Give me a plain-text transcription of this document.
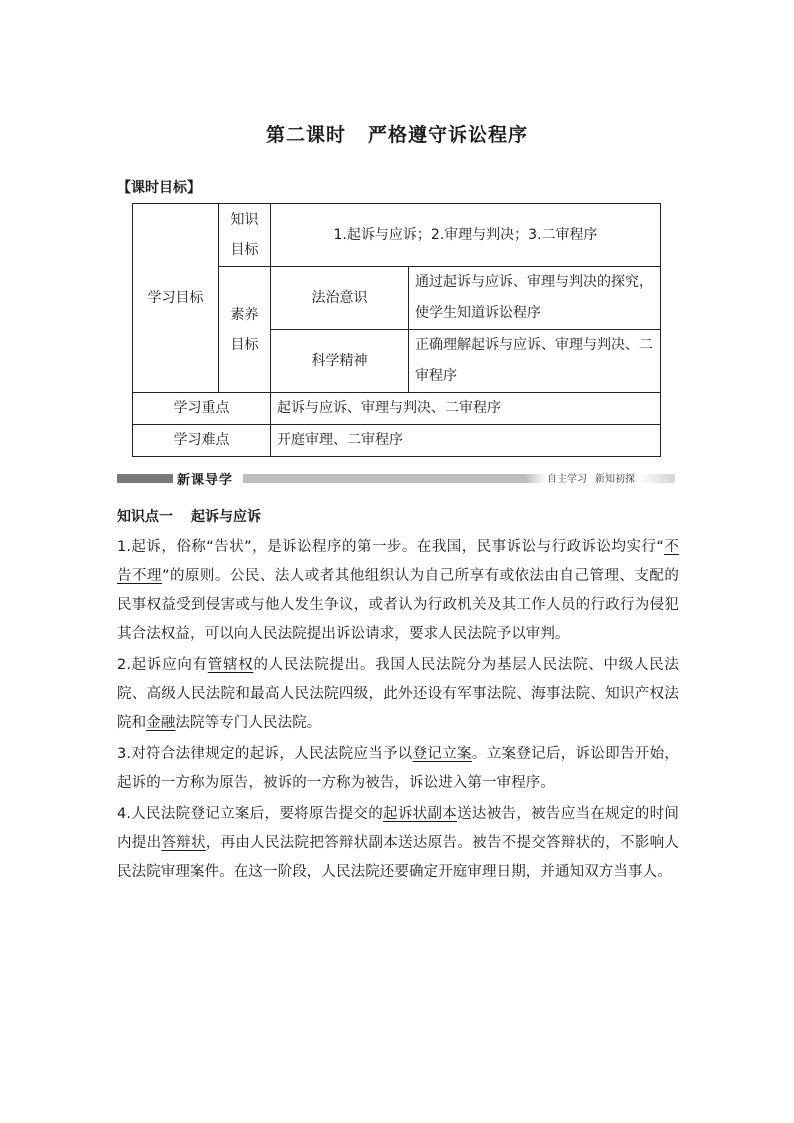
第二课时 严格遵守诉讼程序
【课时目标】
学习目标	知识目标	1.起诉与应诉；2.审理与判决；3.二审程序	

	素养目标	法治意识	通过起诉与应诉、审理与判决的探究，使学生知道诉讼程序
		科学精神	正确理解起诉与应诉、审理与判决、二审程序
学习重点		起诉与应诉、审理与判决、二审程序	
学习难点		开庭审理、二审程序	
新课导学	自主学习 新知初探
知识点一 起诉与应诉

1.起诉，俗称“告状”，是诉讼程序的第一步。在我国，民事诉讼与行政诉讼均实行“不告不理”的原则。公民、法人或者其他组织认为自己所享有或依法由自己管理、支配的民事权益受到侵害或与他人发生争议，或者认为行政机关及其工作人员的行政行为侵犯其合法权益，可以向人民法院提出诉讼请求，要求人民法院予以审判。

2.起诉应向有管辖权的人民法院提出。我国人民法院分为基层人民法院、中级人民法院、高级人民法院和最高人民法院四级，此外还设有军事法院、海事法院、知识产权法院和金融法院等专门人民法院。

3.对符合法律规定的起诉，人民法院应当予以登记立案。立案登记后，诉讼即告开始，起诉的一方称为原告，被诉的一方称为被告，诉讼进入第一审程序。

4.人民法院登记立案后，要将原告提交的起诉状副本送达被告，被告应当在规定的时间内提出答辩状，再由人民法院把答辩状副本送达原告。被告不提交答辩状的，不影响人民法院审理案件。在这一阶段，人民法院还要确定开庭审理日期，并通知双方当事人。
